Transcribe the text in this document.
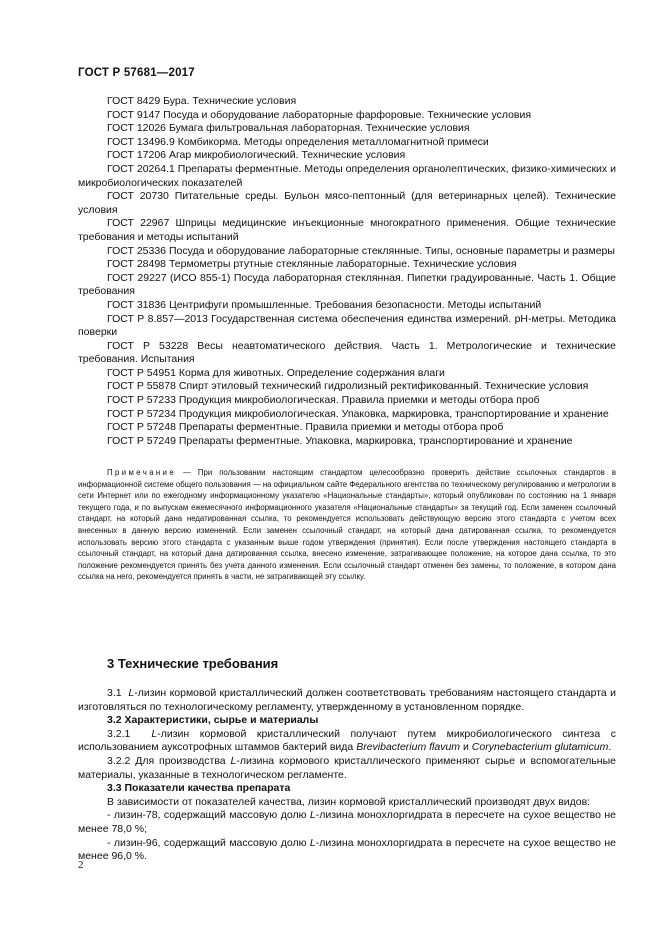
ГОСТ Р 57681—2017

ГОСТ 8429 Бура. Технические условия

ГОСТ 9147 Посуда и оборудование лабораторные фарфоровые. Технические условия

ГОСТ 12026 Бумага фильтровальная лабораторная. Технические условия

ГОСТ 13496.9 Комбикорма. Методы определения металломагнитной примеси

ГОСТ 17206 Агар микробиологический. Технические условия

ГОСТ 20264.1 Препараты ферментные. Методы определения органолептических, физико-химических и микробиологических показателей

ГОСТ 20730 Питательные среды. Бульон мясо-пептонный (для ветеринарных целей). Технические условия

ГОСТ 22967 Шприцы медицинские инъекционные многократного применения. Общие технические требования и методы испытаний

ГОСТ 25336 Посуда и оборудование лабораторные стеклянные. Типы, основные параметры и размеры

ГОСТ 28498 Термометры ртутные стеклянные лабораторные. Технические условия

ГОСТ 29227 (ИСО 855-1) Посуда лабораторная стеклянная. Пипетки градуированные. Часть 1. Общие требования

ГОСТ 31836 Центрифуги промышленные. Требования безопасности. Методы испытаний

ГОСТ Р 8.857—2013 Государственная система обеспечения единства измерений. pH-метры. Методика поверки

ГОСТ Р 53228 Весы неавтоматического действия. Часть 1. Метрологические и технические требования. Испытания

ГОСТ Р 54951 Корма для животных. Определение содержания влаги

ГОСТ Р 55878 Спирт этиловый технический гидролизный ректификованный. Технические условия

ГОСТ Р 57233 Продукция микробиологическая. Правила приемки и методы отбора проб

ГОСТ Р 57234 Продукция микробиологическая. Упаковка, маркировка, транспортирование и хранение

ГОСТ Р 57248 Препараты ферментные. Правила приемки и методы отбора проб

ГОСТ Р 57249 Препараты ферментные. Упаковка, маркировка, транспортирование и хранение

Примечание — При пользовании настоящим стандартом целесообразно проверить действие ссылочных стандартов в информационной системе общего пользования — на официальном сайте Федерального агентства по техническому регулированию и метрологии в сети Интернет или по ежегодному информационному указателю «Национальные стандарты», который опубликован по состоянию на 1 января текущего года, и по выпускам ежемесячного информационного указателя «Национальные стандарты» за текущий год. Если заменен ссылочный стандарт, на который дана недатированная ссылка, то рекомендуется использовать действующую версию этого стандарта с учетом всех внесенных в данную версию изменений. Если заменен ссылочный стандарт, на который дана датированная ссылка, то рекомендуется использовать версию этого стандарта с указанным выше годом утверждения (принятия). Если после утверждения настоящего стандарта в ссылочный стандарт, на который дана датированная ссылка, внесено изменение, затрагивающее положение, на которое дана ссылка, то это положение рекомендуется принять без учета данного изменения. Если ссылочный стандарт отменен без замены, то положение, в котором дана ссылка на него, рекомендуется принять в части, не затрагивающей эту ссылку.

3 Технические требования

3.1 L-лизин кормовой кристаллический должен соответствовать требованиям настоящего стандарта и изготовляться по технологическому регламенту, утвержденному в установленном порядке.

3.2 Характеристики, сырье и материалы

3.2.1 L-лизин кормовой кристаллический получают путем микробиологического синтеза с использованием ауксотрофных штаммов бактерий вида Brevibacterium flavum и Corynebacterium glutamicum.

3.2.2 Для производства L-лизина кормового кристаллического применяют сырье и вспомогательные материалы, указанные в технологическом регламенте.

3.3 Показатели качества препарата

В зависимости от показателей качества, лизин кормовой кристаллический производят двух видов:

- лизин-78, содержащий массовую долю L-лизина монохлоргидрата в пересчете на сухое вещество не менее 78,0 %;

- лизин-96, содержащий массовую долю L-лизина монохлоргидрата в пересчете на сухое вещество не менее 96,0 %.

2
